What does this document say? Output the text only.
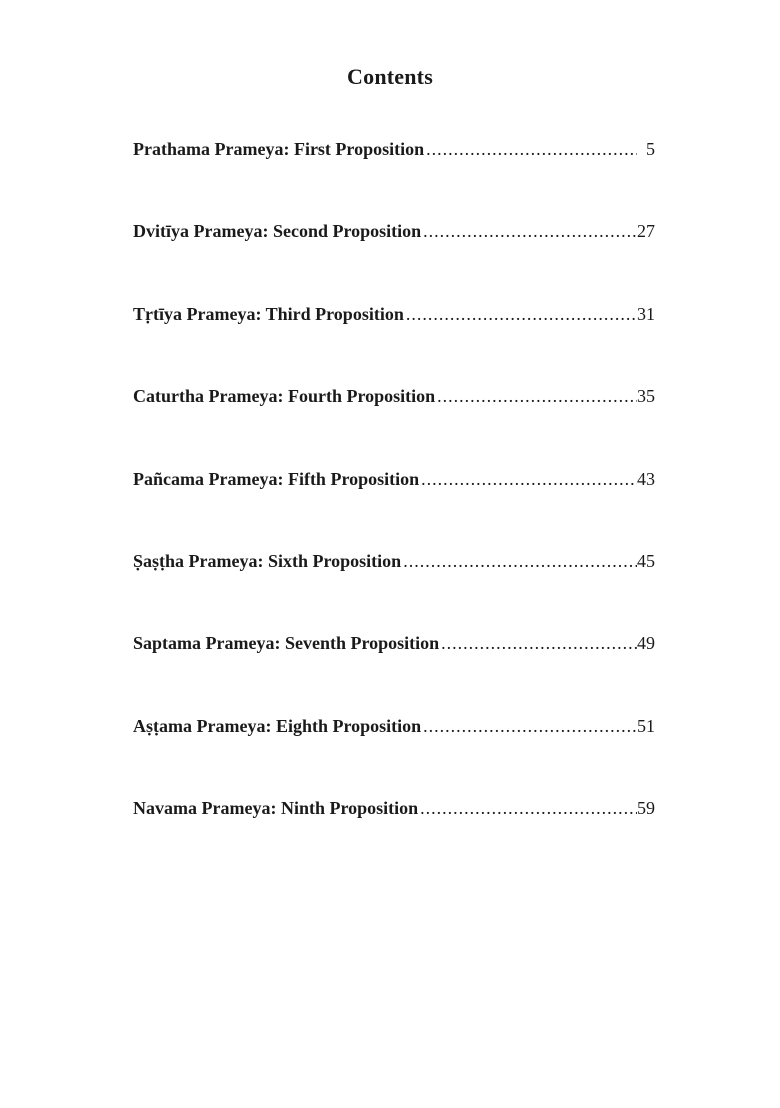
Contents
Prathama Prameya: First Proposition .....	5
Dvitīya Prameya: Second Proposition .....	27
Tṛtīya Prameya: Third Proposition .....	31
Caturtha Prameya: Fourth Proposition .....	35
Pañcama Prameya: Fifth Proposition .....	43
Ṣaṣṭha Prameya: Sixth Proposition .....	45
Saptama Prameya: Seventh Proposition .....	49
Aṣṭama Prameya: Eighth Proposition .....	51
Navama Prameya: Ninth Proposition .....	59
